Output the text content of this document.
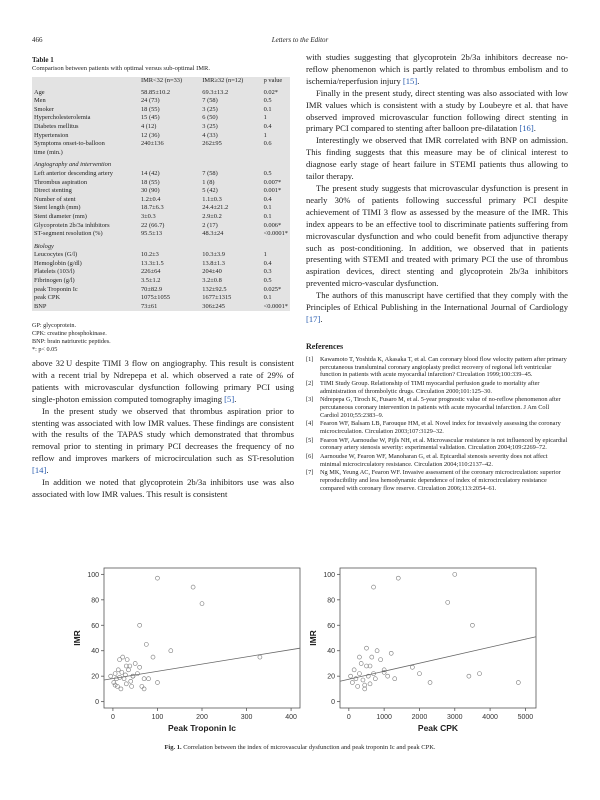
466	Letters to the Editor
Table 1
Comparison between patients with optimal versus sub-optimal IMR.
	IMR<32 (n=33)	IMR≥32 (n=12)	p value

Age	58.85±10.2	69.3±13.2	0.02*
Men	24 (73)	7 (58)	0.5
Smoker	18 (55)	3 (25)	0.1
Hypercholesterolemia	15 (45)	6 (50)	1
Diabetes mellitus	4 (12)	3 (25)	0.4
Hypertension	12 (36)	4 (33)	1
Symptoms onset-to-balloon	240±136	262±95	0.6
time (min.)			
Angiography and intervention			
Left anterior descending artery	14 (42)	7 (58)	0.5
Thrombus aspiration	18 (55)	1 (8)	0.007*
Direct stenting	30 (90)	5 (42)	0.001*
Number of stent	1.2±0.4	1.1±0.3	0.4
Stent length (mm)	18.7±6.3	24.4±21.2	0.1
Stent diameter (mm)	3±0.3	2.9±0.2	0.1
Glycoprotein 2b/3a inhibitors	22 (66.7)	2 (17)	0.006*
ST-segment resolution (%)	95.5±13	48.3±24	<0.0001*
Biology			
Leucocytes (G/l)	10.2±3	10.3±3.9	1
Hemoglobin (g/dl)	13.3±1.5	13.8±1.3	0.4
Platelets (103/l)	226±64	204±40	0.3
Fibrinogen (g/l)	3.5±1.2	3.2±0.8	0.5
peak Troponin Ic	70±82.9	132±92.5	0.025*
peak CPK	1075±1055	1677±1315	0.1
BNP	73±61	306±245	<0.0001*
GP: glycoprotein.
CPK: creatine phosphokinase.
BNP: brain natriuretic peptides.
*: p< 0.05

above 32 U despite TIMI 3 flow on angiography. This result is consistent with a recent trial by Ndrepepa et al. which observed a rate of 29% of patients with microvascular dysfunction following primary PCI using single-photon emission computed tomography imaging [5].

In the present study we observed that thrombus aspiration prior to stenting was associated with low IMR values. These findings are consistent with the results of the TAPAS study which demonstrated that thrombus removal prior to stenting in primary PCI decreases the frequency of no reflow and improves markers of microcirculation such as ST-resolution [14].

In addition we noted that glycoprotein 2b/3a inhibitors use was also associated with low IMR values. This result is consistent

with studies suggesting that glycoprotein 2b/3a inhibitors decrease no-reflow phenomenon which is partly related to thrombus embolism and to ischemia/reperfusion injury [15].

Finally in the present study, direct stenting was also associated with low IMR values which is consistent with a study by Loubeyre et al. that have observed improved microvascular function following direct stenting in primary PCI compared to stenting after balloon pre-dilatation [16].

Interestingly we observed that IMR correlated with BNP on admission. This finding suggests that this measure may be of clinical interest to diagnose early stage of heart failure in STEMI patients thus allowing to tailor therapy.

The present study suggests that microvascular dysfunction is present in nearly 30% of patients following successful primary PCI despite achievement of TIMI 3 flow as assessed by the measure of the IMR. This index appears to be an effective tool to discriminate patients suffering from microvascular dysfunction and who could benefit from adjunctive therapy such as post-conditioning. In addition, we observed that in patients presenting with STEMI and treated with primary PCI the use of thrombus aspiration devices, direct stenting and glycoprotein 2b/3a inhibitors prevented micro-vascular dysfunction.

The authors of this manuscript have certified that they comply with the Principles of Ethical Publishing in the International Journal of Cardiology [17].

References
[1]	Kawamoto T, Yoshida K, Akasaka T, et al. Can coronary blood flow velocity pattern after primary percutaneous transluminal coronary angioplasty predict recovery of regional left ventricular function in patients with acute myocardial infarction? Circulation 1999;100:339–45.
[2]	TIMI Study Group. Relationship of TIMI myocardial perfusion grade to mortality after administration of thrombolytic drugs. Circulation 2000;101:125–30.
[3]	Ndrepepa G, Tiroch K, Fusaro M, et al. 5-year prognostic value of no-reflow phenomenon after percutaneous coronary intervention in patients with acute myocardial infarction. J Am Coll Cardiol 2010;55:2383–9.
[4]	Fearon WF, Balsam LB, Farouque HM, et al. Novel index for invasively assessing the coronary microcirculation. Circulation 2003;107:3129–32.
[5]	Fearon WF, Aarnoudse W, Pijls NH, et al. Microvascular resistance is not influenced by epicardial coronary artery stenosis severity: experimental validation. Circulation 2004;109:2269–72.
[6]	Aarnoudse W, Fearon WF, Manoharan G, et al. Epicardial stenosis severity does not affect minimal microcirculatory resistance. Circulation 2004;110:2137–42.
[7]	Ng MK, Yeung AC, Fearon WF. Invasive assessment of the coronary microcirculation: superior reproducibility and less hemodynamic dependence of index of microcirculatory resistance compared with coronary flow reserve. Circulation 2006;113:2054–61.
0
20
40
60
80
100
0	100	200	300	400
Peak Troponin Ic
IMR
0
20
40
60
80
100
0	1000	2000	3000	4000	5000
Peak CPK
IMR
Fig. 1. Correlation between the index of microvascular dysfunction and peak troponin Ic and peak CPK.
